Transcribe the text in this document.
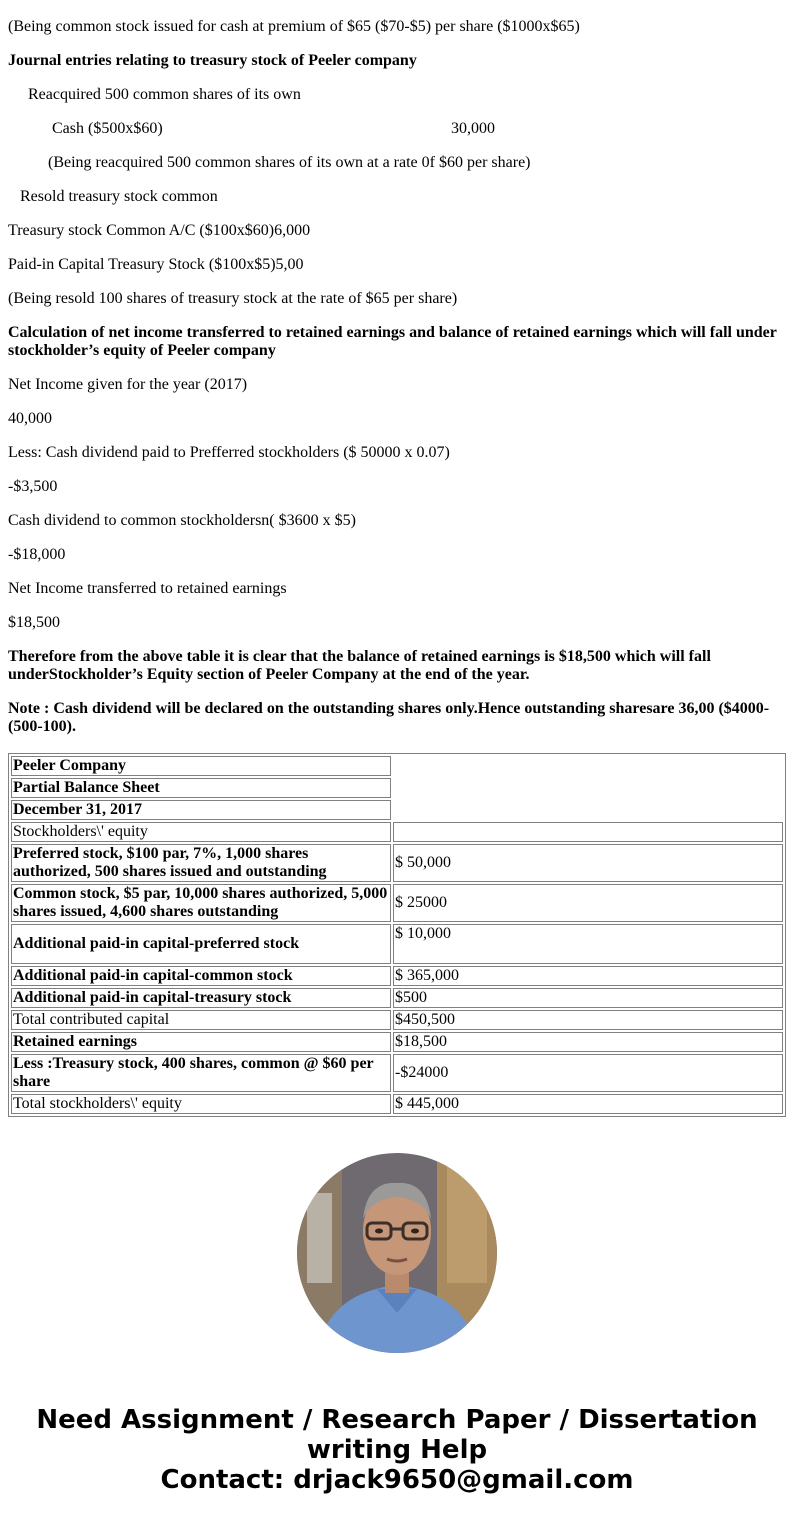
(Being common stock issued for cash at premium of $65 ($70-$5) per share ($1000x$65)

Journal entries relating to treasury stock of Peeler company

Reacquired 500 common shares of its own

Cash ($500x$60)	30,000

(Being reacquired 500 common shares of its own at a rate 0f $60 per share)

Resold treasury stock common

Treasury stock Common A/C ($100x$60)6,000

Paid-in Capital Treasury Stock ($100x$5)5,00

(Being resold 100 shares of treasury stock at the rate of $65 per share)

Calculation of net income transferred to retained earnings and balance of retained earnings which will fall under stockholder’s equity of Peeler company

Net Income given for the year (2017)

40,000

Less: Cash dividend paid to Prefferred stockholders ($ 50000 x 0.07)

-$3,500

Cash dividend to common stockholdersn( $3600 x $5)

-$18,000

Net Income transferred to retained earnings

$18,500

Therefore from the above table it is clear that the balance of retained earnings is $18,500 which will fall underStockholder’s Equity section of Peeler Company at the end of the year.

Note : Cash dividend will be declared on the outstanding shares only.Hence outstanding sharesare 36,00 ($4000-(500-100).

Peeler Company	
Partial Balance Sheet	
December 31, 2017	
Stockholders\' equity	
Preferred stock, $100 par, 7%, 1,000 shares authorized, 500 shares issued and outstanding	$ 50,000
Common stock, $5 par, 10,000 shares authorized, 5,000 shares issued, 4,600 shares outstanding	$ 25000
Additional paid-in capital-preferred stock	$ 10,000
Additional paid-in capital-common stock	$ 365,000
Additional paid-in capital-treasury stock	$500
Total contributed capital	$450,500
Retained earnings	$18,500
Less :Treasury stock, 400 shares, common @ $60 per share	-$24000
Total stockholders\' equity	$ 445,000
Need Assignment / Research Paper / Dissertation
writing Help
Contact: drjack9650@gmail.com
